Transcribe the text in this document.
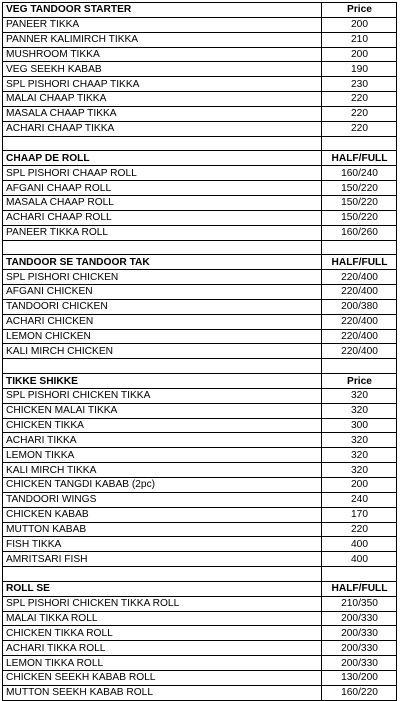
VEG TANDOOR STARTER	Price
PANEER TIKKA	200
PANNER KALIMIRCH TIKKA	210
MUSHROOM TIKKA	200
VEG SEEKH KABAB	190
SPL PISHORI CHAAP TIKKA	230
MALAI CHAAP TIKKA	220
MASALA CHAAP TIKKA	220
ACHARI CHAAP TIKKA	220

CHAAP DE ROLL	HALF/FULL
SPL PISHORI CHAAP ROLL	160/240
AFGANI CHAAP ROLL	150/220
MASALA CHAAP ROLL	150/220
ACHARI CHAAP ROLL	150/220
PANEER TIKKA ROLL	160/260

TANDOOR SE TANDOOR TAK	HALF/FULL
SPL PISHORI CHICKEN	220/400
AFGANI CHICKEN	220/400
TANDOORI CHICKEN	200/380
ACHARI CHICKEN	220/400
LEMON CHICKEN	220/400
KALI MIRCH CHICKEN	220/400

TIKKE SHIKKE	Price
SPL PISHORI CHICKEN TIKKA	320
CHICKEN MALAI TIKKA	320
CHICKEN TIKKA	300
ACHARI TIKKA	320
LEMON TIKKA	320
KALI MIRCH TIKKA	320
CHICKEN TANGDI KABAB (2pc)	200
TANDOORI WINGS	240
CHICKEN KABAB	170
MUTTON KABAB	220
FISH TIKKA	400
AMRITSARI FISH	400

ROLL SE	HALF/FULL
SPL PISHORI CHICKEN TIKKA ROLL	210/350
MALAI TIKKA ROLL	200/330
CHICKEN TIKKA ROLL	200/330
ACHARI TIKKA ROLL	200/330
LEMON TIKKA ROLL	200/330
CHICKEN SEEKH KABAB ROLL	130/200
MUTTON SEEKH KABAB ROLL	160/220
